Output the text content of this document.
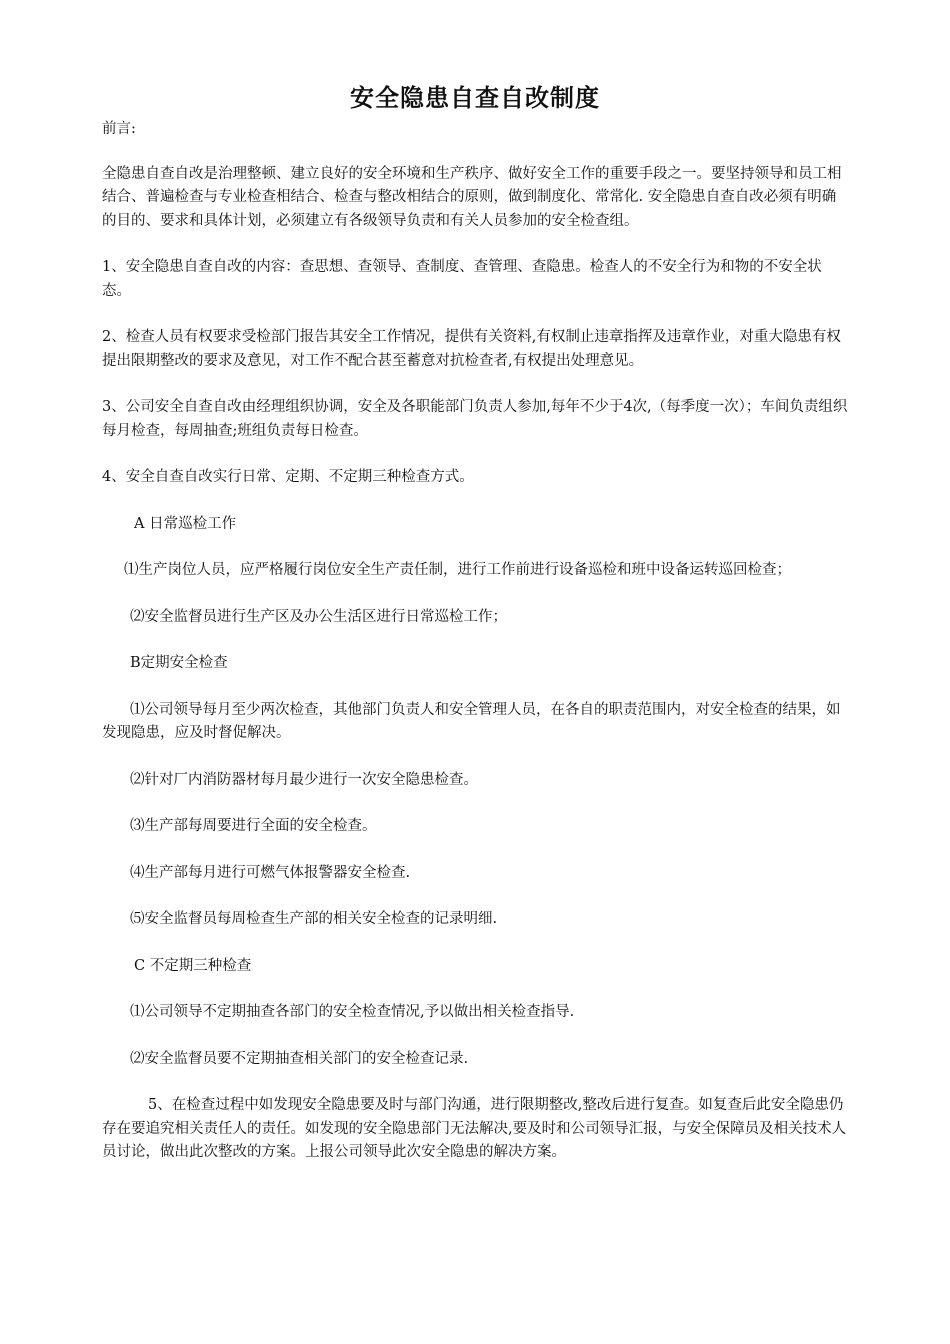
安全隐患自查自改制度

前言:

全隐患自查自改是治理整顿、建立良好的安全环境和生产秩序、做好安全工作的重要手段之一。要坚持领导和员工相结合、普遍检查与专业检查相结合、检查与整改相结合的原则，做到制度化、常常化. 安全隐患自查自改必须有明确的目的、要求和具体计划，必须建立有各级领导负责和有关人员参加的安全检查组。

1、安全隐患自查自改的内容：查思想、查领导、查制度、查管理、查隐患。检查人的不安全行为和物的不安全状态。

2、检查人员有权要求受检部门报告其安全工作情况，提供有关资料,有权制止违章指挥及违章作业，对重大隐患有权提出限期整改的要求及意见，对工作不配合甚至蓄意对抗检查者,有权提出处理意见。

3、公司安全自查自改由经理组织协调，安全及各职能部门负责人参加,每年不少于4次,（每季度一次）；车间负责组织每月检查，每周抽查;班组负责每日检查。

4、安全自查自改实行日常、定期、不定期三种检查方式。

A 日常巡检工作

⑴生产岗位人员，应严格履行岗位安全生产责任制，进行工作前进行设备巡检和班中设备运转巡回检查；

⑵安全监督员进行生产区及办公生活区进行日常巡检工作；

B定期安全检查

⑴公司领导每月至少两次检查，其他部门负责人和安全管理人员，在各自的职责范围内，对安全检查的结果，如发现隐患，应及时督促解决。

⑵针对厂内消防器材每月最少进行一次安全隐患检查。

⑶生产部每周要进行全面的安全检查。

⑷生产部每月进行可燃气体报警器安全检查.

⑸安全监督员每周检查生产部的相关安全检查的记录明细.

C 不定期三种检查

⑴公司领导不定期抽查各部门的安全检查情况,予以做出相关检查指导.

⑵安全监督员要不定期抽查相关部门的安全检查记录.

5、在检查过程中如发现安全隐患要及时与部门沟通，进行限期整改,整改后进行复查。如复查后此安全隐患仍存在要追究相关责任人的责任。如发现的安全隐患部门无法解决,要及时和公司领导汇报，与安全保障员及相关技术人员讨论，做出此次整改的方案。上报公司领导此次安全隐患的解决方案。
